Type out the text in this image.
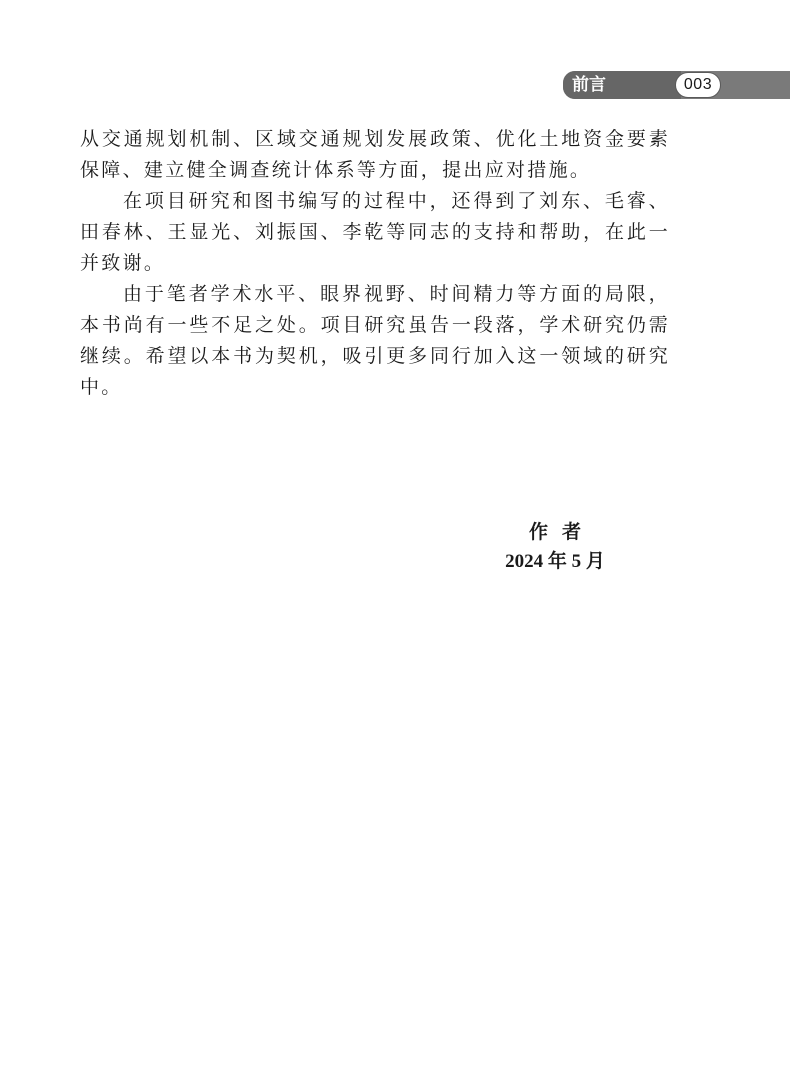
前言	003

从交通规划机制、区域交通规划发展政策、优化土地资金要素保障、建立健全调查统计体系等方面，提出应对措施。

在项目研究和图书编写的过程中，还得到了刘东、毛睿、田春林、王显光、刘振国、李乾等同志的支持和帮助，在此一并致谢。

由于笔者学术水平、眼界视野、时间精力等方面的局限，本书尚有一些不足之处。项目研究虽告一段落，学术研究仍需继续。希望以本书为契机，吸引更多同行加入这一领域的研究中。

作者
2024 年 5 月
